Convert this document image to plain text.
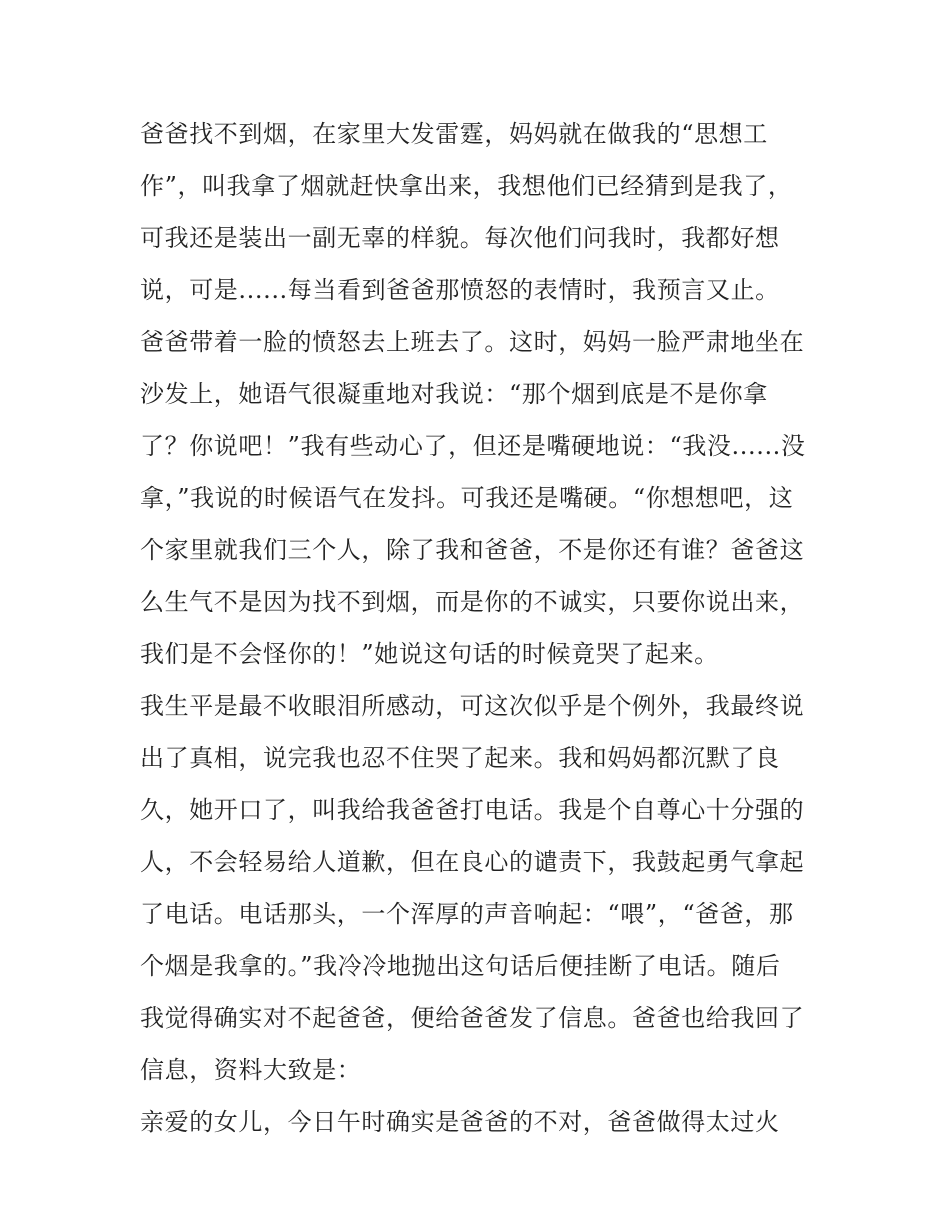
爸爸找不到烟，在家里大发雷霆，妈妈就在做我的“思想工
作”，叫我拿了烟就赶快拿出来，我想他们已经猜到是我了，
可我还是装出一副无辜的样貌。每次他们问我时，我都好想
说，可是......每当看到爸爸那愤怒的表情时，我预言又止。
爸爸带着一脸的愤怒去上班去了。这时，妈妈一脸严肃地坐在
沙发上，她语气很凝重地对我说：“那个烟到底是不是你拿
了？你说吧！”我有些动心了，但还是嘴硬地说：“我没......没
拿，”我说的时候语气在发抖。可我还是嘴硬。“你想想吧，这
个家里就我们三个人，除了我和爸爸，不是你还有谁？爸爸这
么生气不是因为找不到烟，而是你的不诚实，只要你说出来，
我们是不会怪你的！”她说这句话的时候竟哭了起来。
我生平是最不收眼泪所感动，可这次似乎是个例外，我最终说
出了真相，说完我也忍不住哭了起来。我和妈妈都沉默了良
久，她开口了，叫我给我爸爸打电话。我是个自尊心十分强的
人，不会轻易给人道歉，但在良心的谴责下，我鼓起勇气拿起
了电话。电话那头，一个浑厚的声音响起：“喂”，“爸爸，那
个烟是我拿的。”我冷冷地抛出这句话后便挂断了电话。随后
我觉得确实对不起爸爸，便给爸爸发了信息。爸爸也给我回了
信息，资料大致是：
亲爱的女儿，今日午时确实是爸爸的不对，爸爸做得太过火
